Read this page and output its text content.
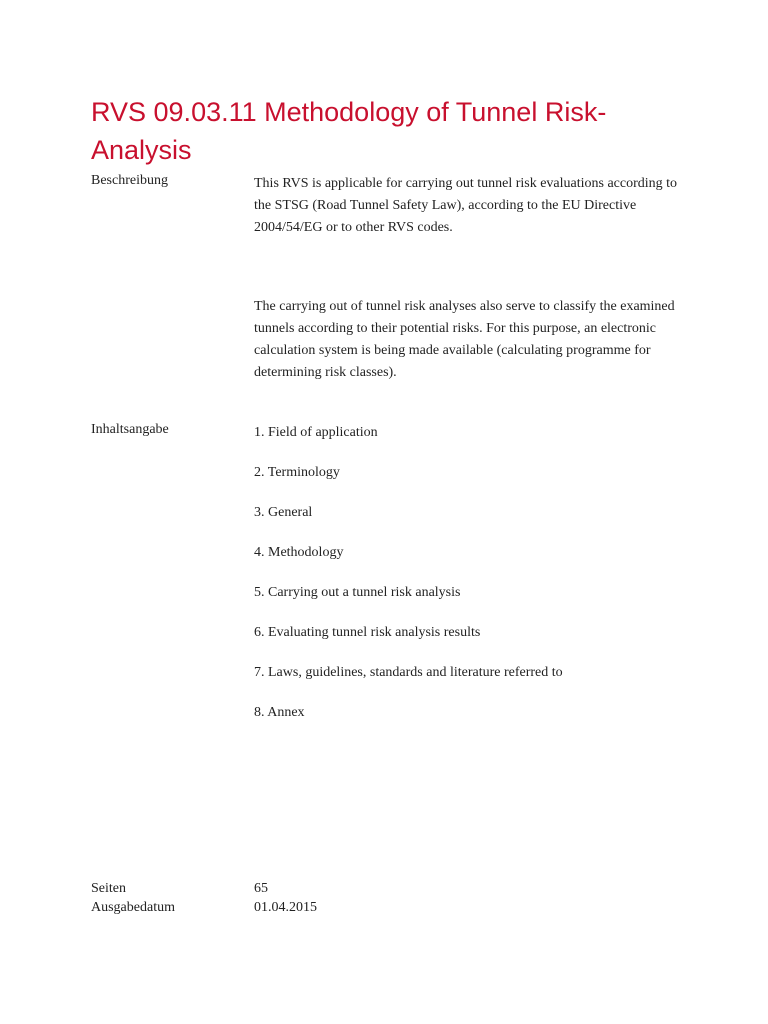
RVS 09.03.11 Methodology of Tunnel Risk-Analysis
Beschreibung	This RVS is applicable for carrying out tunnel risk evaluations according to the STSG (Road Tunnel Safety Law), according to the EU Directive 2004/54/EG or to other RVS codes.

The carrying out of tunnel risk analyses also serve to classify the examined tunnels according to their potential risks. For this purpose, an electronic calculation system is being made available (calculating programme for determining risk classes).

Inhaltsangabe	1. Field of application
2. Terminology
3. General
4. Methodology
5. Carrying out a tunnel risk analysis
6. Evaluating tunnel risk analysis results
7. Laws, guidelines, standards and literature referred to
8. Annex
Seiten	65
Ausgabedatum	01.04.2015
